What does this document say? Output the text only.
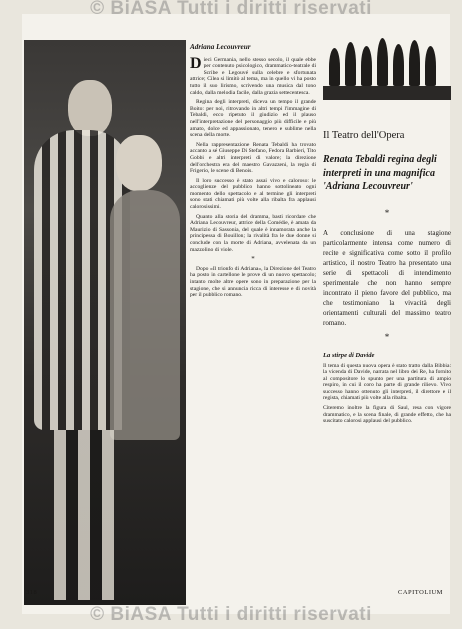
© BiASA Tutti i diritti riservati
© BiASA Tutti i diritti riservati
Adriana Lecouvreur

Dieci Germania, nello stesso secolo, il quale ebbe per contenuto psicologico, drammatico-teatrale di Scribe e Legouvé sulla celebre e sfortunata attrice; Cilea si limitò al tema, ma in quello vi ha posto tutto il suo lirismo, scrivendo una musica dal tono caldo, dalla melodia facile, dalla grazia settecentesca.

Regina degli interpreti, diceva un tempo il grande Boito: per noi, ritrovando in altri tempi l'immagine di Tebaldi, ecco ripetuto il giudizio ed il plauso nell'interpretazione del personaggio più difficile e più amato, dolce ed appassionato, tenero e sublime nella scena della morte.

Nella rappresentazione Renata Tebaldi ha trovato accanto a sé Giuseppe Di Stefano, Fedora Barbieri, Tito Gobbi e altri interpreti di valore; la direzione dell'orchestra era del maestro Gavazzeni, la regia di Frigerio, le scene di Benois.

Il loro successo è stato assai vivo e caloroso: le accoglienze del pubblico hanno sottolineato ogni momento dello spettacolo e al termine gli interpreti sono stati chiamati più volte alla ribalta fra applausi calorosissimi.

Quanto alla storia del dramma, basti ricordare che Adriana Lecouvreur, attrice della Comédie, è amata da Maurizio di Sassonia, del quale è innamorata anche la principessa di Bouillon; la rivalità fra le due donne si conclude con la morte di Adriana, avvelenata da un mazzolino di viole.

*

Dopo «Il trionfo di Adriana», la Direzione del Teatro ha posto in cartellone le prove di un nuovo spettacolo; intanto molte altre opere sono in preparazione per la stagione, che si annuncia ricca di interesse e di novità per il pubblico romano.

Il Teatro dell'Opera
Renata Tebaldi regina degli interpreti in una magnifica 'Adriana Lecouvreur'
*
A conclusione di una stagione particolarmente intensa come numero di recite e significativa come sotto il profilo artistico, il nostro Teatro ha presentato una serie di spettacoli di intendimento sperimentale che non hanno sempre incontrato il pieno favore del pubblico, ma che testimoniano la vivacità degli orientamenti culturali del massimo teatro romano.
*
La stirpe di Davide
Il tema di questa nuova opera è stato tratto dalla Bibbia: la vicenda di Davide, narrata nel libro dei Re, ha fornito al compositore lo spunto per una partitura di ampio respiro, in cui il coro ha parte di grande rilievo. Vivo successo hanno ottenuto gli interpreti, il direttore e il regista, chiamati più volte alla ribalta.
Citeremo inoltre la figura di Saul, resa con vigore drammatico, e la scena finale, di grande effetto, che ha suscitato calorosi applausi del pubblico.
318	CAPITOLIUM
